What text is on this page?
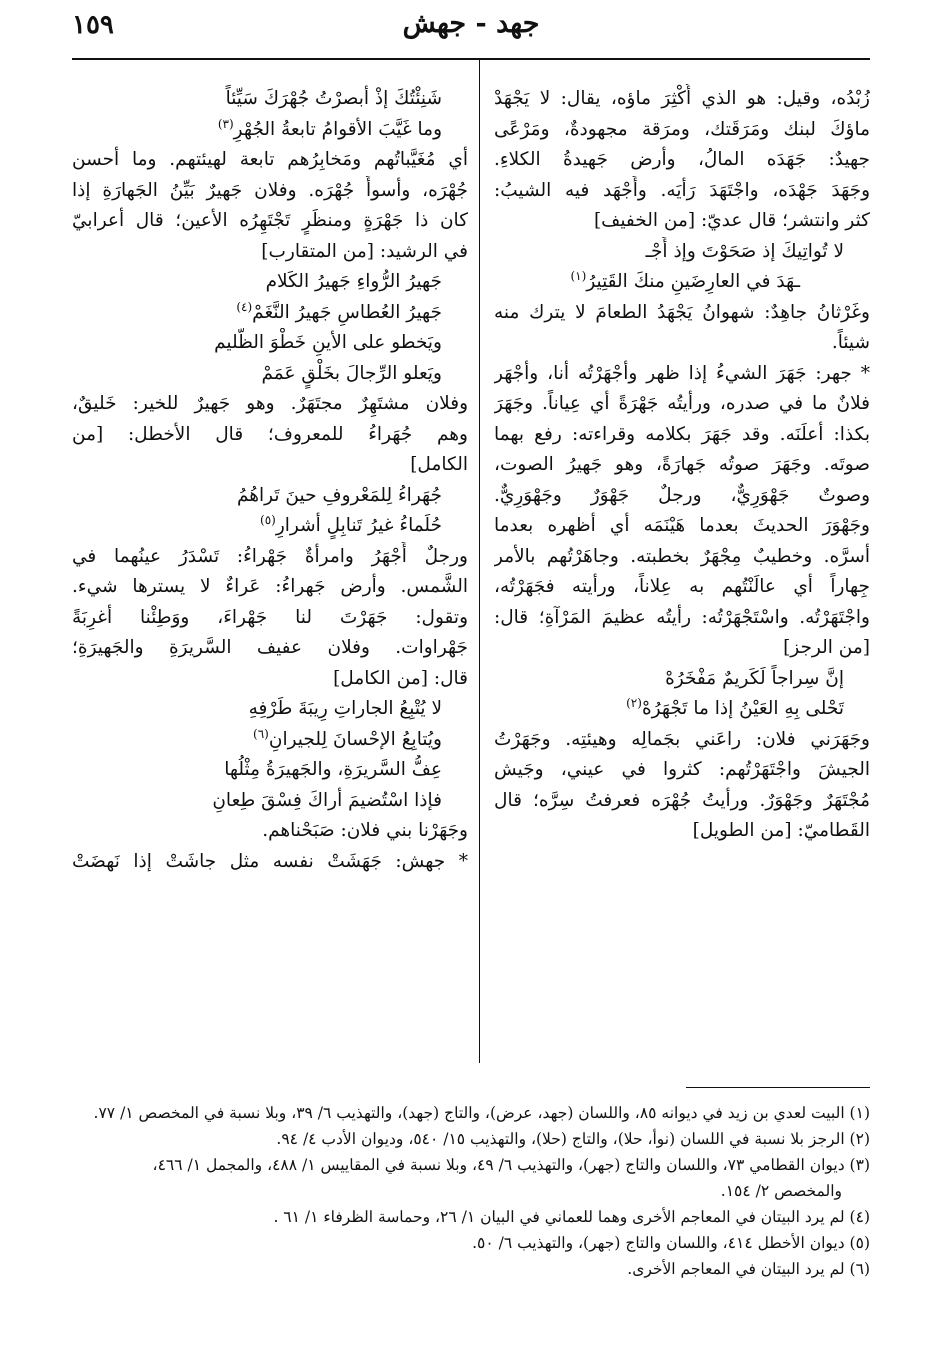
جهد - جهش
١٥٩
زُبْدُه، وقيل: هو الذي أُكْثِرَ ماؤه، يقال: لا يَجْهَدْ
ماؤكَ لبنك ومَرَقَتك، ومرَقة مجهودةٌ، ومَرْعًى
جهيدٌ: جَهَدَه المالُ، وأرض جَهيدةُ الكلاءِ.
وجَهَدَ جَهْدَه، واجْتَهَدَ رَأيَه. وأَجْهَد فيه الشيبُ:
كثر وانتشر؛ قال عديّ: [من الخفيف]
لا تُواتِيكَ إذ صَحَوْتَ وإذ أَجْـ
ـهَدَ في العارِضَينِ منكَ القَتِيرُ$^{(١)}$
وغَرْثانُ جاهِدٌ: شهوانُ يَجْهَدُ الطعامَ لا يترك منه
شيئاً.
* جهر: جَهَرَ الشيءُ إذا ظهر وأجْهَرْتُه أنا، وأجْهَر
فلانٌ ما في صدره، ورأيتُه جَهْرَةً أي عِياناً. وجَهَرَ
بكذا: أعلَنَه. وقد جَهَرَ بكلامه وقراءته: رفع بهما
صوتَه. وجَهَرَ صوتُه جَهارَةً، وهو جَهيرُ الصوت،
وصوتٌ جَهْوَرِيٌّ، ورجلٌ جَهْوَرٌ وجَهْوَرِيٌّ.
وجَهْوَرَ الحديثَ بعدما هَيْنَمَه أي أظهره بعدما
أسرَّه. وخطيبٌ مِجْهَرٌ بخطبته. وجاهَرْتُهم بالأمر
جِهاراً أي عالَنْتُهم به عِلاناً، ورأيته فجَهَرْتُه،
واجْتَهَرْتُه. واسْتَجْهَرْتُه: رأيتُه عظيمَ المَرْآةِ؛ قال:
[من الرجز]
إنَّ سِراجاً لَكَريمٌ مَفْخَرُهْ
تَحْلى بِهِ العَيْنُ إذا ما تَجْهَرُهْ$^{(٢)}$
وجَهَرَني فلان: راعَني بجَمالِه وهيئتِه. وجَهَرْتُ
الجيشَ واجْتَهَرْتُهم: كثروا في عيني، وجَيش
مُجْتَهَرٌ وجَهْوَرٌ. ورأيتُ جُهْرَه فعرفتُ سِرَّه؛ قال
القَطاميّ: [من الطويل]
شَنِئْتُكَ إذْ أبصرْتُ جُهْرَكَ سَيِّئاً
وما غَيَّبَ الأقوامُ تابعةُ الجُهْرِ$^{(٣)}$
أي مُغَيَّباتُهم ومَخابِرُهم تابعة لهيئتهم. وما أحسن
جُهْرَه، وأسوأَ جُهْرَه. وفلان جَهيرٌ بَيِّنُ الجَهارَةِ إذا
كان ذا جَهْرَةٍ ومنظَرٍ تَجْتَهِرُه الأعين؛ قال أعرابيّ
في الرشيد: [من المتقارب]
جَهيرُ الرُّواءِ جَهيرُ الكَلام
جَهيرُ العُطاسِ جَهيرُ النَّغَمْ$^{(٤)}$
ويَخطو على الأينِ خَطْوَ الظَّليم
ويَعلو الرِّجالَ بخَلْقٍ عَمَمْ
وفلان مشتَهِرٌ مجتَهَرٌ. وهو جَهيرٌ للخير: خَليقٌ،
وهم جُهَراءُ للمعروف؛ قال الأخطل: [من
الكامل]
جُهَراءُ لِلمَعْروفِ حينَ تَراهُمُ
حُلَماءُ غيرُ تَنابِلٍ أشرارِ$^{(٥)}$
ورجلٌ أَجْهَرُ وامرأةٌ جَهْراءُ: تَسْدَرُ عينُهما في
الشَّمس. وأرض جَهراءُ: عَراءٌ لا يسترها شيء.
وتقول: جَهَرْتَ لنا جَهْراءَ، ووَطِئْنا أغرِبَةً
جَهْراوات. وفلان عفيف السَّريرَةِ والجَهيرَةِ؛
قال: [من الكامل]
لا يُتْبِعُ الجاراتِ رِيبَةَ طَرْفِهِ
ويُتابِعُ الإحْسانَ لِلجيرانِ$^{(٦)}$
عِفُّ السَّريرَةِ، والجَهيرَةُ مِثْلُها
فإذا اسْتُضيمَ أراكَ فِسْقَ طِعانِ
وجَهَرْنا بني فلان: صَبَحْناهم.
* جهش: جَهَشَتْ نفسه مثل جاشَتْ إذا نَهضَتْ
(١) البيت لعدي بن زيد في ديوانه ٨٥، واللسان (جهد، عرض)، والتاج (جهد)، والتهذيب ٦/ ٣٩، وبلا نسبة في المخصص ١/ ٧٧.
(٢) الرجز بلا نسبة في اللسان (نوأ، حلا)، والتاج (حلا)، والتهذيب ١٥/ ٥٤٠، وديوان الأدب ٤/ ٩٤.
(٣) ديوان القطامي ٧٣، واللسان والتاج (جهر)، والتهذيب ٦/ ٤٩، وبلا نسبة في المقاييس ١/ ٤٨٨، والمجمل ١/ ٤٦٦،
والمخصص ٢/ ١٥٤.
(٤) لم يرد البيتان في المعاجم الأخرى وهما للعماني في البيان ١/ ٢٦، وحماسة الظرفاء ١/ ٦١ .
(٥) ديوان الأخطل ٤١٤، واللسان والتاج (جهر)، والتهذيب ٦/ ٥٠.
(٦) لم يرد البيتان في المعاجم الأخرى.
